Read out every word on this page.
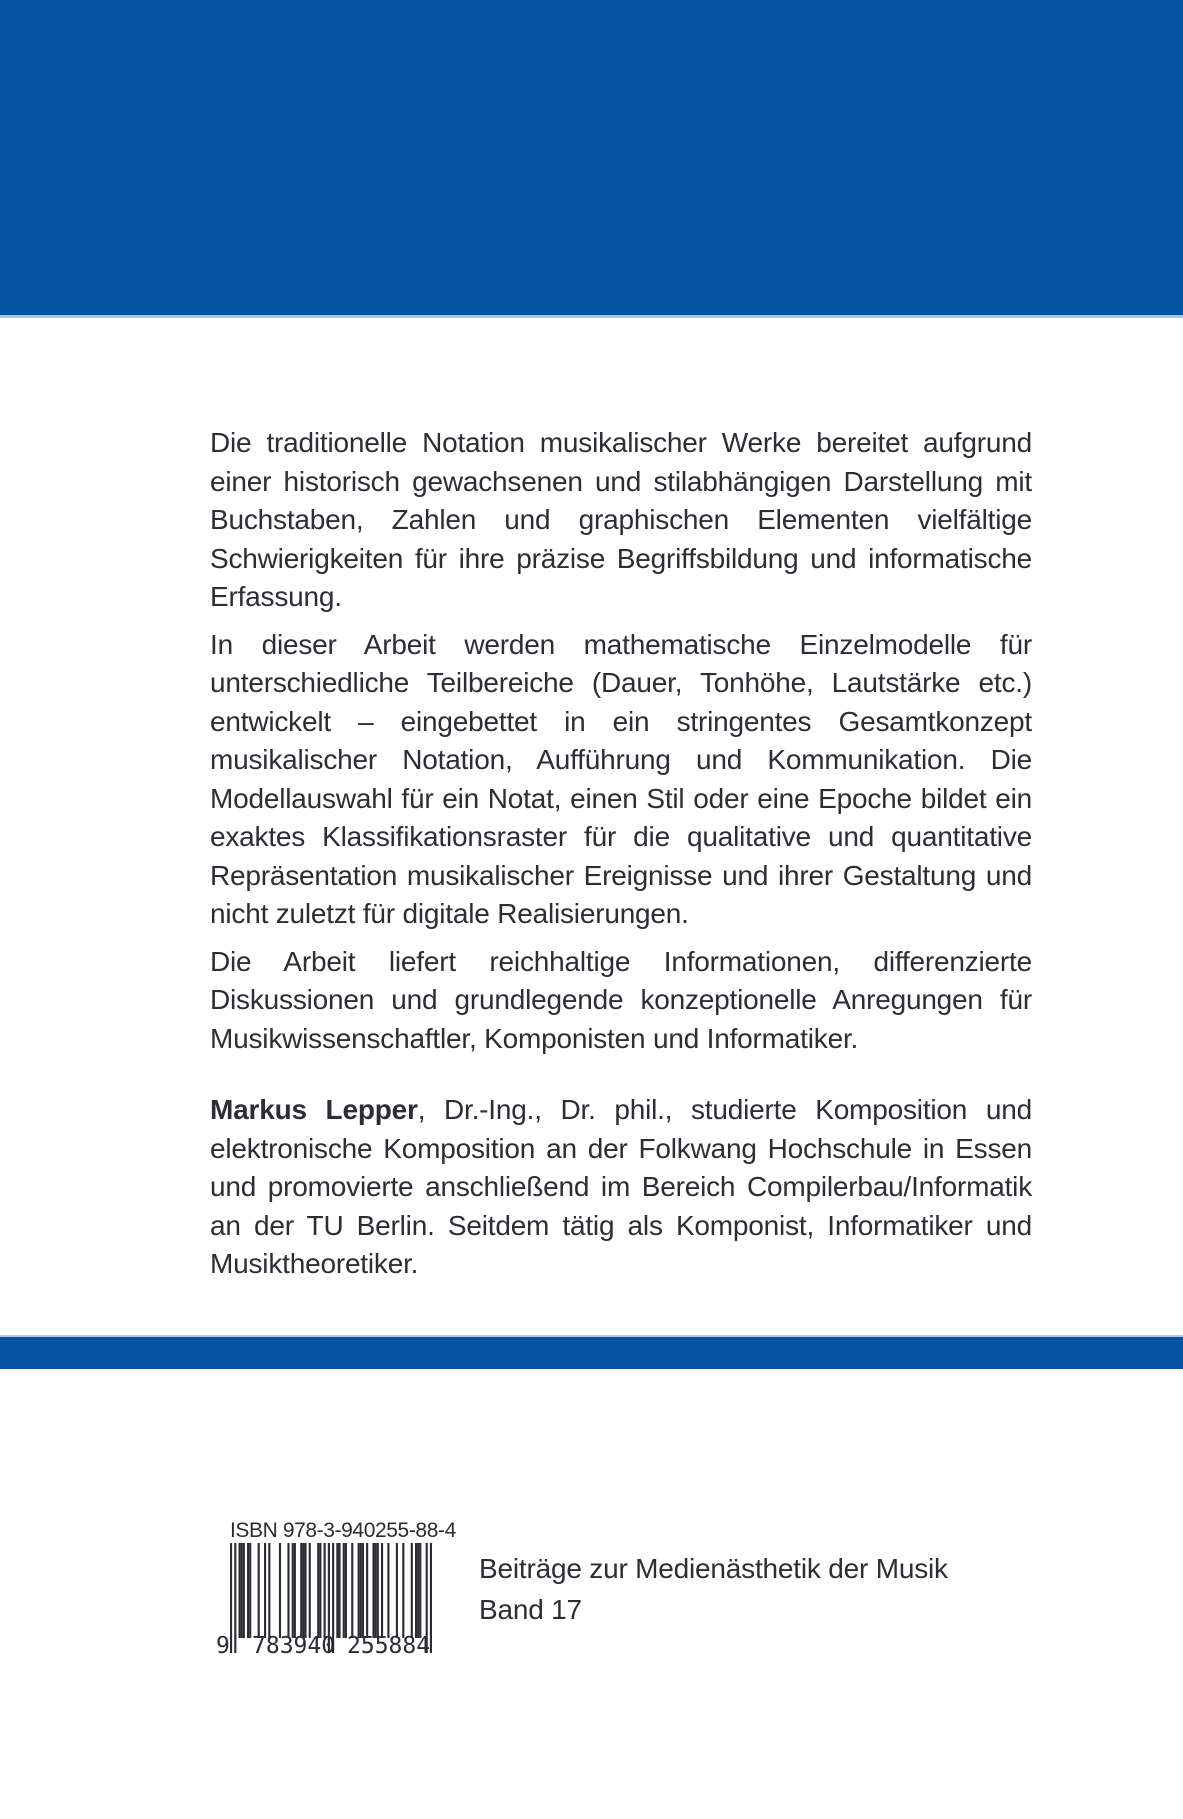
Die traditionelle Notation musikalischer Werke bereitet aufgrund einer historisch gewachsenen und stilabhängigen Darstellung mit Buchstaben, Zahlen und graphischen Elementen vielfältige Schwierigkeiten für ihre präzise Begriffsbildung und informatische Erfassung.

In dieser Arbeit werden mathematische Einzelmodelle für unterschiedliche Teilbereiche (Dauer, Tonhöhe, Lautstärke etc.) entwickelt – eingebettet in ein stringentes Gesamtkonzept musikalischer Notation, Aufführung und Kommunikation. Die Modellauswahl für ein Notat, einen Stil oder eine Epoche bildet ein exaktes Klassifikationsraster für die qualitative und quantitative Repräsentation musikalischer Ereignisse und ihrer Gestaltung und nicht zuletzt für digitale Realisierungen.

Die Arbeit liefert reichhaltige Informationen, differenzierte Diskussionen und grundlegende konzeptionelle Anregungen für Musikwissenschaftler, Komponisten und Informatiker.

Markus Lepper, Dr.-Ing., Dr. phil., studierte Komposition und elektronische Komposition an der Folkwang Hochschule in Essen und promovierte anschließend im Bereich Compilerbau/Informatik an der TU Berlin. Seitdem tätig als Komponist, Informatiker und Musiktheoretiker.

ISBN 978-3-940255-88-4
9 783940 255884
Beiträge zur Medienästhetik der Musik
Band 17
